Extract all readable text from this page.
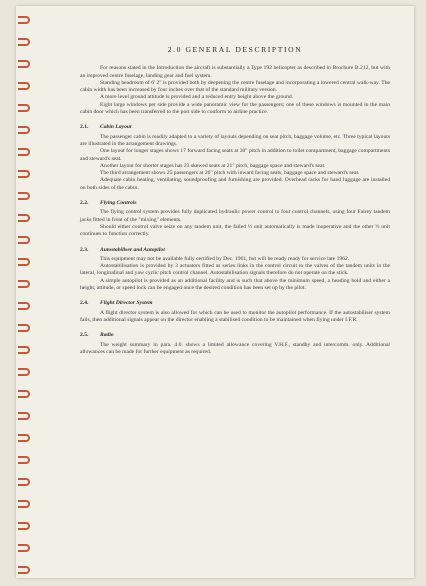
2.0 GENERAL DESCRIPTION

For reasons stated in the Introduction the aircraft is substantially a Type 192 helicopter as described in Brochure B.212, but with an improved centre fuselage, landing gear and fuel system.

Standing headroom of 6' 2" is provided both by deepening the centre fuselage and incorporating a lowered central walk-way. The cabin width has been increased by four inches over that of the standard military version.

A more level ground attitude is provided and a reduced entry height above the ground.

Eight large windows per side provide a wide panoramic view for the passengers; one of these windows is mounted in the main cabin door which has been transferred to the port side to conform to airline practice.

2.1. Cabin Layout

The passenger cabin is readily adapted to a variety of layouts depending on seat pitch, baggage volume, etc. Three typical layouts are illustrated in the arrangement drawings.

One layout for longer stages shows 17 forward facing seats at 30" pitch in addition to toilet compartment, baggage compartments and steward's seat.

Another layout for shorter stages has 23 skewed seats at 21" pitch, baggage space and steward's seat.

The third arrangement shows 25 passengers at 20" pitch with inward facing seats, baggage space and steward's seat.

Adequate cabin heating, ventilating, soundproofing and furnishing are provided. Overhead racks for hand luggage are installed on both sides of the cabin.

2.2. Flying Controls

The flying control system provides fully duplicated hydraulic power control to four control channels, using four Fairey tandem jacks fitted in front of the "mixing" elements.

Should either control valve seize on any tandem unit, the failed ½ unit automatically is made inoperative and the other ½ unit continues to function correctly.

2.3. Autostabiliser and Autopilot

This equipment may not be available fully certified by Dec. 1961, but will be ready ready for service late 1962.

Autostabilisation is provided by 3 actuators fitted as series links in the control circuit to the valves of the tandem units in the lateral, longitudinal and yaw cyclic pitch control channel. Autostabilisation signals therefore do not operate on the stick.

A simple autopilot is provided as an additional facility and is such that above the minimum speed, a heading hold and either a height, attitude, or speed lock can be engaged once the desired condition has been set up by the pilot.

2.4. Flight Director System

A flight director system is also allowed for which can be used to monitor the autopilot performance. If the autostabiliser system fails, then additional signals appear on the director enabling a stabilised condition to be maintained when flying under I.F.R.

2.5. Radio

The weight summary in para. 4.0. shows a limited allowance covering V.H.F., standby and intercomm. only. Additional allowances can be made for further equipment as required.
